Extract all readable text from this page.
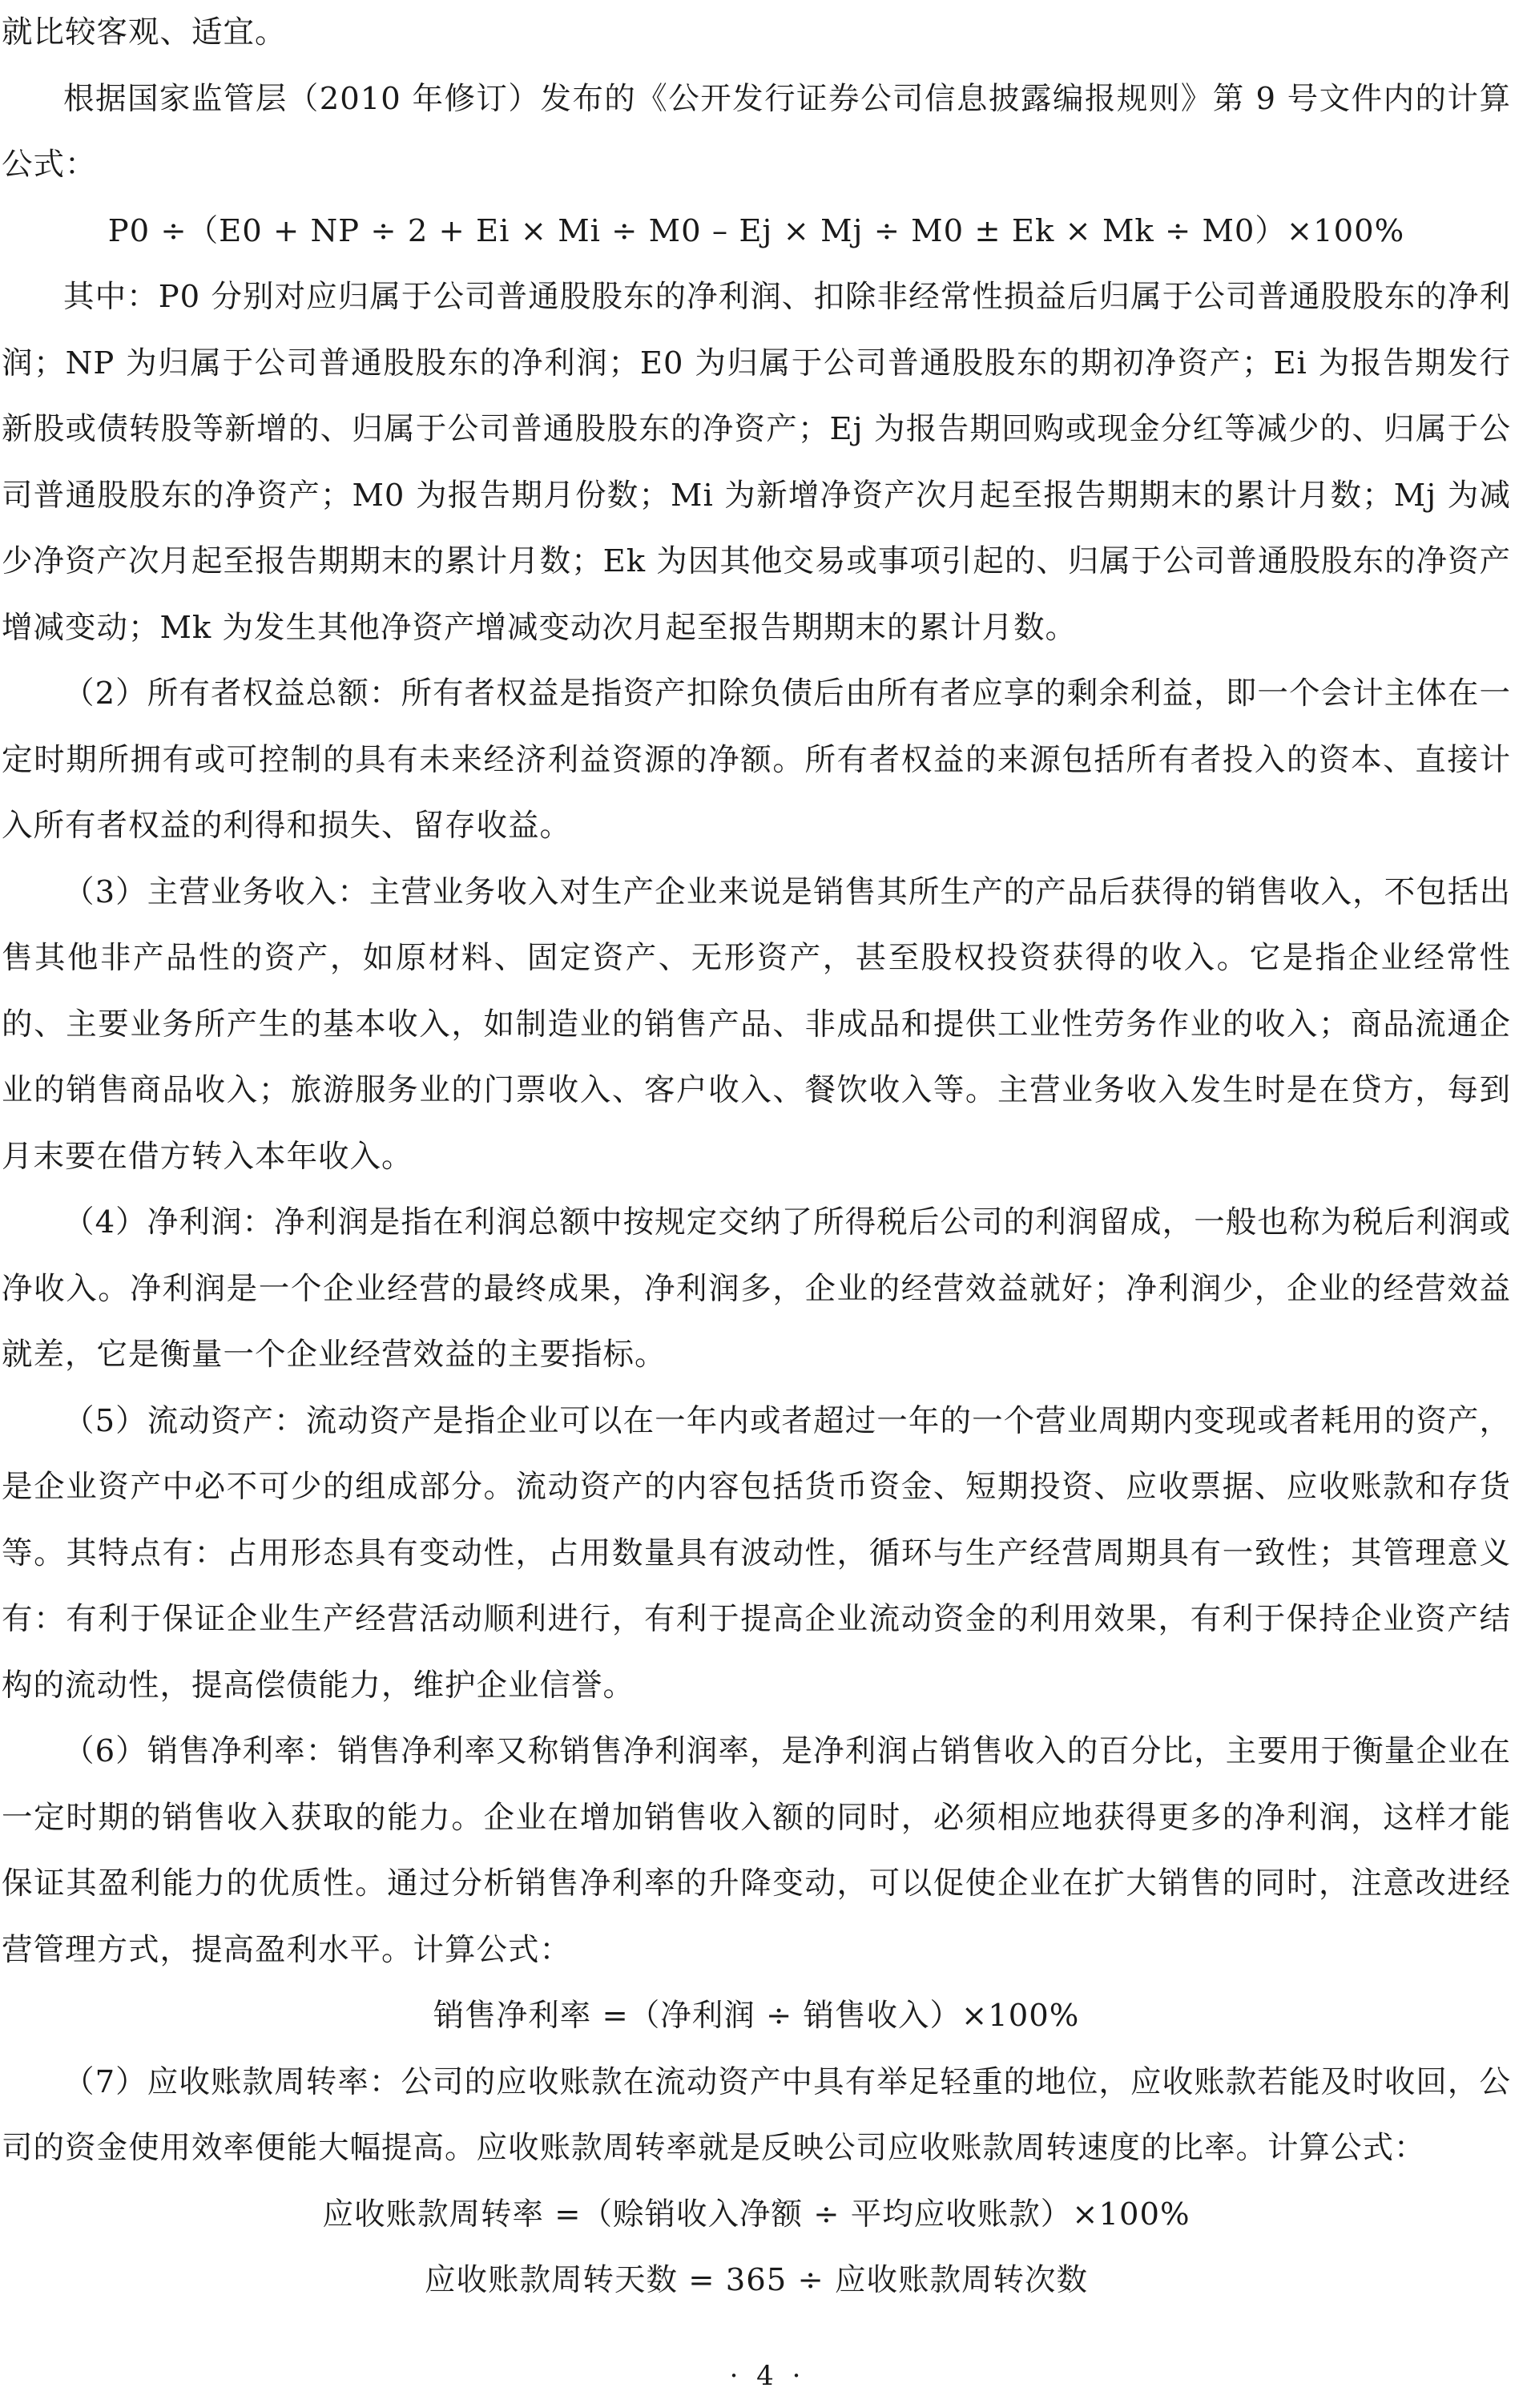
就比较客观、适宜。

根据国家监管层（2010 年修订）发布的《公开发行证券公司信息披露编报规则》第 9 号文件内的计算公式：

P0 ÷（E0 + NP ÷ 2 + Ei × Mi ÷ M0 – Ej × Mj ÷ M0 ± Ek × Mk ÷ M0）×100%

其中：P0 分别对应归属于公司普通股股东的净利润、扣除非经常性损益后归属于公司普通股股东的净利润；NP 为归属于公司普通股股东的净利润；E0 为归属于公司普通股股东的期初净资产；Ei 为报告期发行新股或债转股等新增的、归属于公司普通股股东的净资产；Ej 为报告期回购或现金分红等减少的、归属于公司普通股股东的净资产；M0 为报告期月份数；Mi 为新增净资产次月起至报告期期末的累计月数；Mj 为减少净资产次月起至报告期期末的累计月数；Ek 为因其他交易或事项引起的、归属于公司普通股股东的净资产增减变动；Mk 为发生其他净资产增减变动次月起至报告期期末的累计月数。

（2）所有者权益总额：所有者权益是指资产扣除负债后由所有者应享的剩余利益，即一个会计主体在一定时期所拥有或可控制的具有未来经济利益资源的净额。所有者权益的来源包括所有者投入的资本、直接计入所有者权益的利得和损失、留存收益。

（3）主营业务收入：主营业务收入对生产企业来说是销售其所生产的产品后获得的销售收入，不包括出售其他非产品性的资产，如原材料、固定资产、无形资产，甚至股权投资获得的收入。它是指企业经常性的、主要业务所产生的基本收入，如制造业的销售产品、非成品和提供工业性劳务作业的收入；商品流通企业的销售商品收入；旅游服务业的门票收入、客户收入、餐饮收入等。主营业务收入发生时是在贷方，每到月末要在借方转入本年收入。

（4）净利润：净利润是指在利润总额中按规定交纳了所得税后公司的利润留成，一般也称为税后利润或净收入。净利润是一个企业经营的最终成果，净利润多，企业的经营效益就好；净利润少，企业的经营效益就差，它是衡量一个企业经营效益的主要指标。

（5）流动资产：流动资产是指企业可以在一年内或者超过一年的一个营业周期内变现或者耗用的资产，是企业资产中必不可少的组成部分。流动资产的内容包括货币资金、短期投资、应收票据、应收账款和存货等。其特点有：占用形态具有变动性，占用数量具有波动性，循环与生产经营周期具有一致性；其管理意义有：有利于保证企业生产经营活动顺利进行，有利于提高企业流动资金的利用效果，有利于保持企业资产结构的流动性，提高偿债能力，维护企业信誉。

（6）销售净利率：销售净利率又称销售净利润率，是净利润占销售收入的百分比，主要用于衡量企业在一定时期的销售收入获取的能力。企业在增加销售收入额的同时，必须相应地获得更多的净利润，这样才能保证其盈利能力的优质性。通过分析销售净利率的升降变动，可以促使企业在扩大销售的同时，注意改进经营管理方式，提高盈利水平。计算公式：

销售净利率 =（净利润 ÷ 销售收入）×100%

（7）应收账款周转率：公司的应收账款在流动资产中具有举足轻重的地位，应收账款若能及时收回，公司的资金使用效率便能大幅提高。应收账款周转率就是反映公司应收账款周转速度的比率。计算公式：

应收账款周转率 =（赊销收入净额 ÷ 平均应收账款）×100%

应收账款周转天数 = 365 ÷ 应收账款周转次数

· 4 ·
